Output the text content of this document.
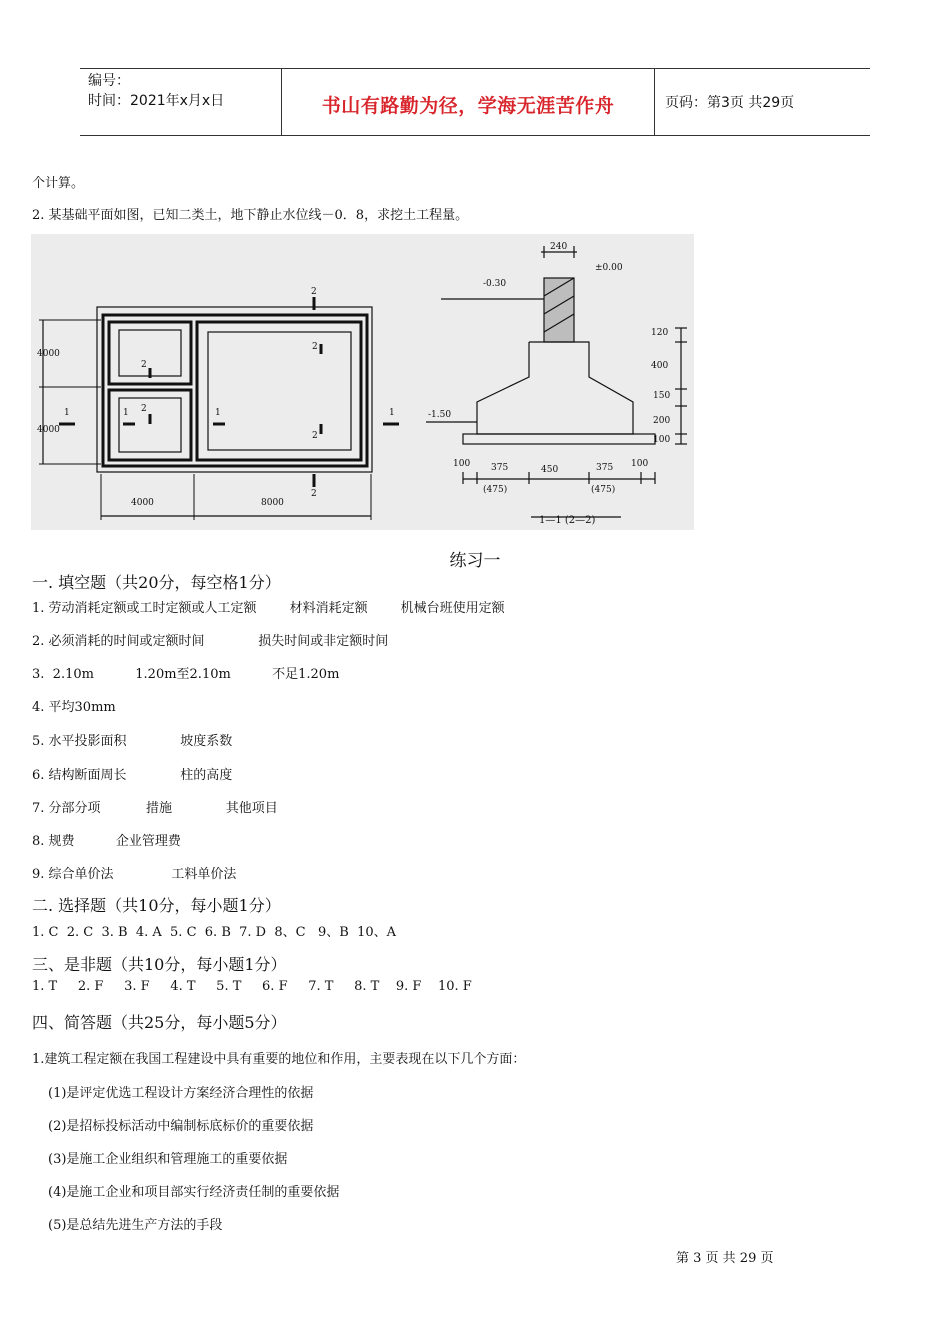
编号：
时间：2021年x月x日	书山有路勤为径，学海无涯苦作舟	页码：第3页 共29页
个计算。
2. 某基础平面如图，已知二类土，地下静止水位线－0．8，求挖土工程量。
4000
4000
4000	8000
1	1
1	1
2
2
2
2
2
2
240
±0.00
-0.30
-1.50
120
400
150
200
100
100 375	450	375 100
(475)	(475)
1—1 (2—2)
练习一
一. 填空题（共20分，每空格1分）
1. 劳动消耗定额或工时定额或人工定额        材料消耗定额        机械台班使用定额
2. 必须消耗的时间或定额时间             损失时间或非定额时间
3.  2.10m          1.20m至2.10m          不足1.20m
4. 平均30mm
5. 水平投影面积             坡度系数
6. 结构断面周长             柱的高度
7. 分部分项           措施             其他项目
8. 规费          企业管理费
9. 综合单价法              工料单价法
二. 选择题（共10分，每小题1分）
1. C  2. C  3. B  4. A  5. C  6. B  7. D  8、C   9、B  10、A
三、是非题（共10分，每小题1分）
1. T     2. F     3. F     4. T     5. T     6. F     7. T     8. T    9. F    10. F
四、简答题（共25分，每小题5分）
1.建筑工程定额在我国工程建设中具有重要的地位和作用，主要表现在以下几个方面：
(1)是评定优选工程设计方案经济合理性的依据
(2)是招标投标活动中编制标底标价的重要依据
(3)是施工企业组织和管理施工的重要依据
(4)是施工企业和项目部实行经济责任制的重要依据
(5)是总结先进生产方法的手段
第 3 页 共 29 页
